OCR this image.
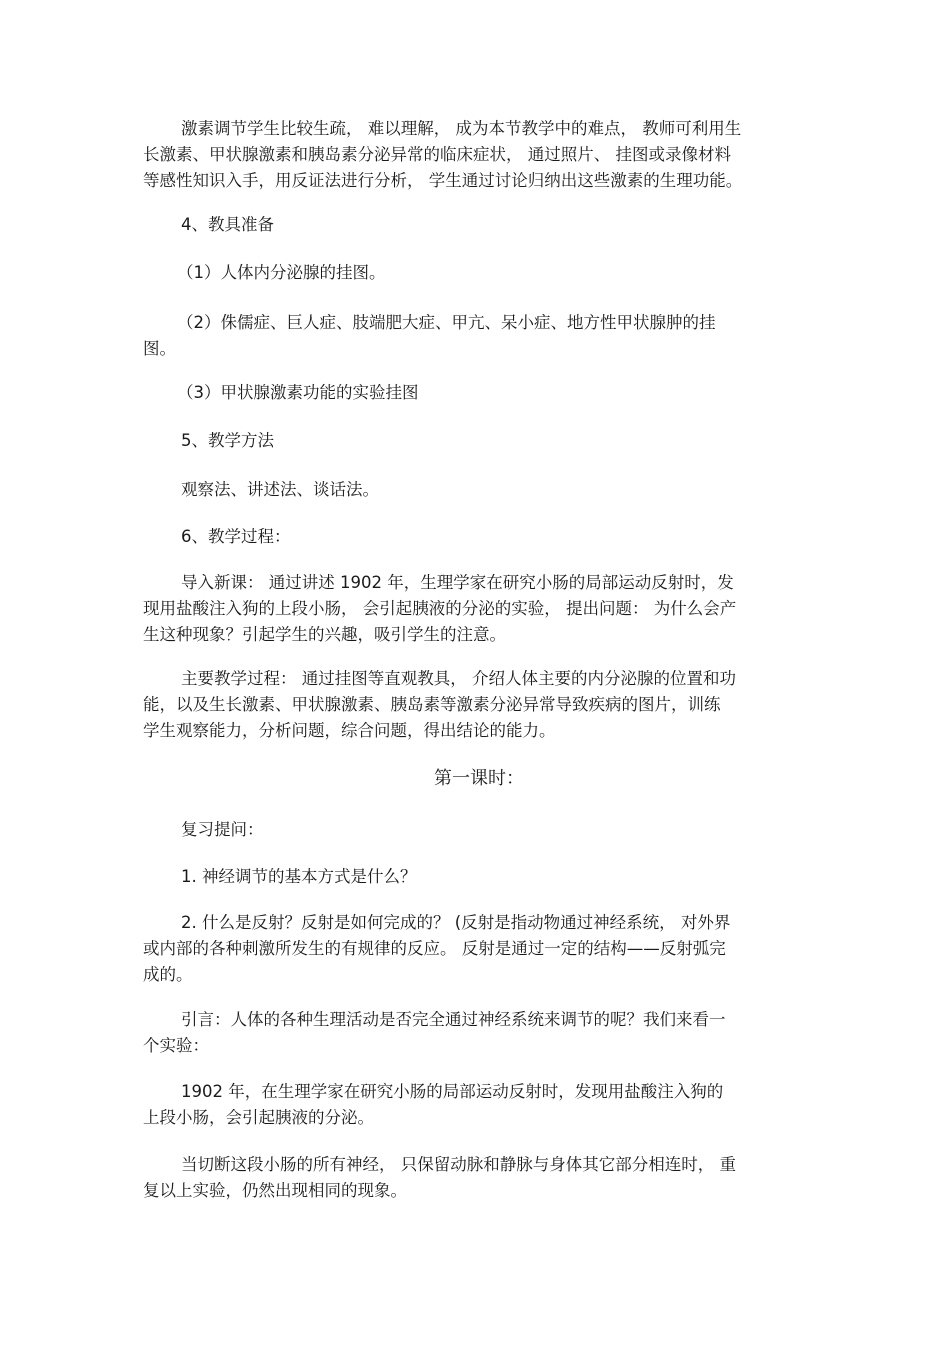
激素调节学生比较生疏， 难以理解， 成为本节教学中的难点， 教师可利用生
长激素、甲状腺激素和胰岛素分泌异常的临床症状， 通过照片、 挂图或录像材料
等感性知识入手，用反证法进行分析， 学生通过讨论归纳出这些激素的生理功能。

4、教具准备

（1）人体内分泌腺的挂图。

（2）侏儒症、巨人症、肢端肥大症、甲亢、呆小症、地方性甲状腺肿的挂
图。

（3）甲状腺激素功能的实验挂图

5、教学方法

观察法、讲述法、谈话法。

6、教学过程：

导入新课： 通过讲述 1902 年，生理学家在研究小肠的局部运动反射时，发
现用盐酸注入狗的上段小肠， 会引起胰液的分泌的实验， 提出问题： 为什么会产
生这种现象？引起学生的兴趣，吸引学生的注意。

主要教学过程： 通过挂图等直观教具， 介绍人体主要的内分泌腺的位置和功
能，以及生长激素、甲状腺激素、胰岛素等激素分泌异常导致疾病的图片，训练
学生观察能力，分析问题，综合问题，得出结论的能力。

第一课时：

复习提问：

1. 神经调节的基本方式是什么？

2. 什么是反射？反射是如何完成的？ (反射是指动物通过神经系统， 对外界
或内部的各种刺激所发生的有规律的反应。 反射是通过一定的结构——反射弧完
成的。

引言：人体的各种生理活动是否完全通过神经系统来调节的呢？我们来看一
个实验：

1902 年，在生理学家在研究小肠的局部运动反射时，发现用盐酸注入狗的
上段小肠，会引起胰液的分泌。

当切断这段小肠的所有神经， 只保留动脉和静脉与身体其它部分相连时， 重
复以上实验，仍然出现相同的现象。
